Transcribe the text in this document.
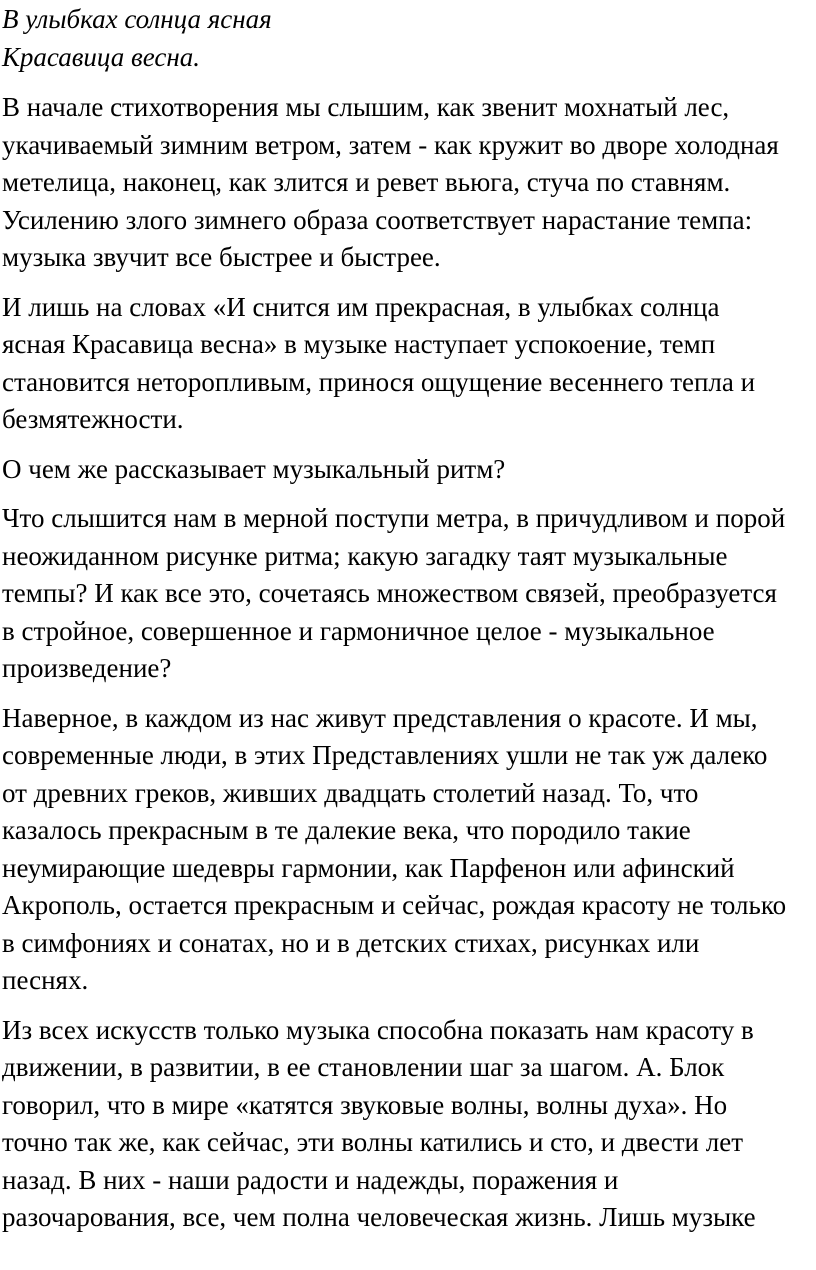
В улыбках солнца ясная
Красавица весна.

В начале стихотворения мы слышим, как звенит мохнатый лес,
укачиваемый зимним ветром, затем - как кружит во дворе холодная
метелица, наконец, как злится и ревет вьюга, стуча по ставням.
Усилению злого зимнего образа соответствует нарастание темпа:
музыка звучит все быстрее и быстрее.

И лишь на словах «И снится им прекрасная, в улыбках солнца
ясная Красавица весна» в музыке наступает успокоение, темп
становится неторопливым, принося ощущение весеннего тепла и
безмятежности.

О чем же рассказывает музыкальный ритм?

Что слышится нам в мерной поступи метра, в причудливом и порой
неожиданном рисунке ритма; какую загадку таят музыкальные
темпы? И как все это, сочетаясь множеством связей, преобразуется
в стройное, совершенное и гармоничное целое - музыкальное
произведение?

Наверное, в каждом из нас живут представления о красоте. И мы,
современные люди, в этих Представлениях ушли не так уж далеко
от древних греков, живших двадцать столетий назад. То, что
казалось прекрасным в те далекие века, что породило такие
неумирающие шедевры гармонии, как Парфенон или афинский
Акрополь, остается прекрасным и сейчас, рождая красоту не только
в симфониях и сонатах, но и в детских стихах, рисунках или
песнях.

Из всех искусств только музыка способна показать нам красоту в
движении, в развитии, в ее становлении шаг за шагом. А. Блок
говорил, что в мире «катятся звуковые волны, волны духа». Но
точно так же, как сейчас, эти волны катились и сто, и двести лет
назад. В них - наши радости и надежды, поражения и
разочарования, все, чем полна человеческая жизнь. Лишь музыке
